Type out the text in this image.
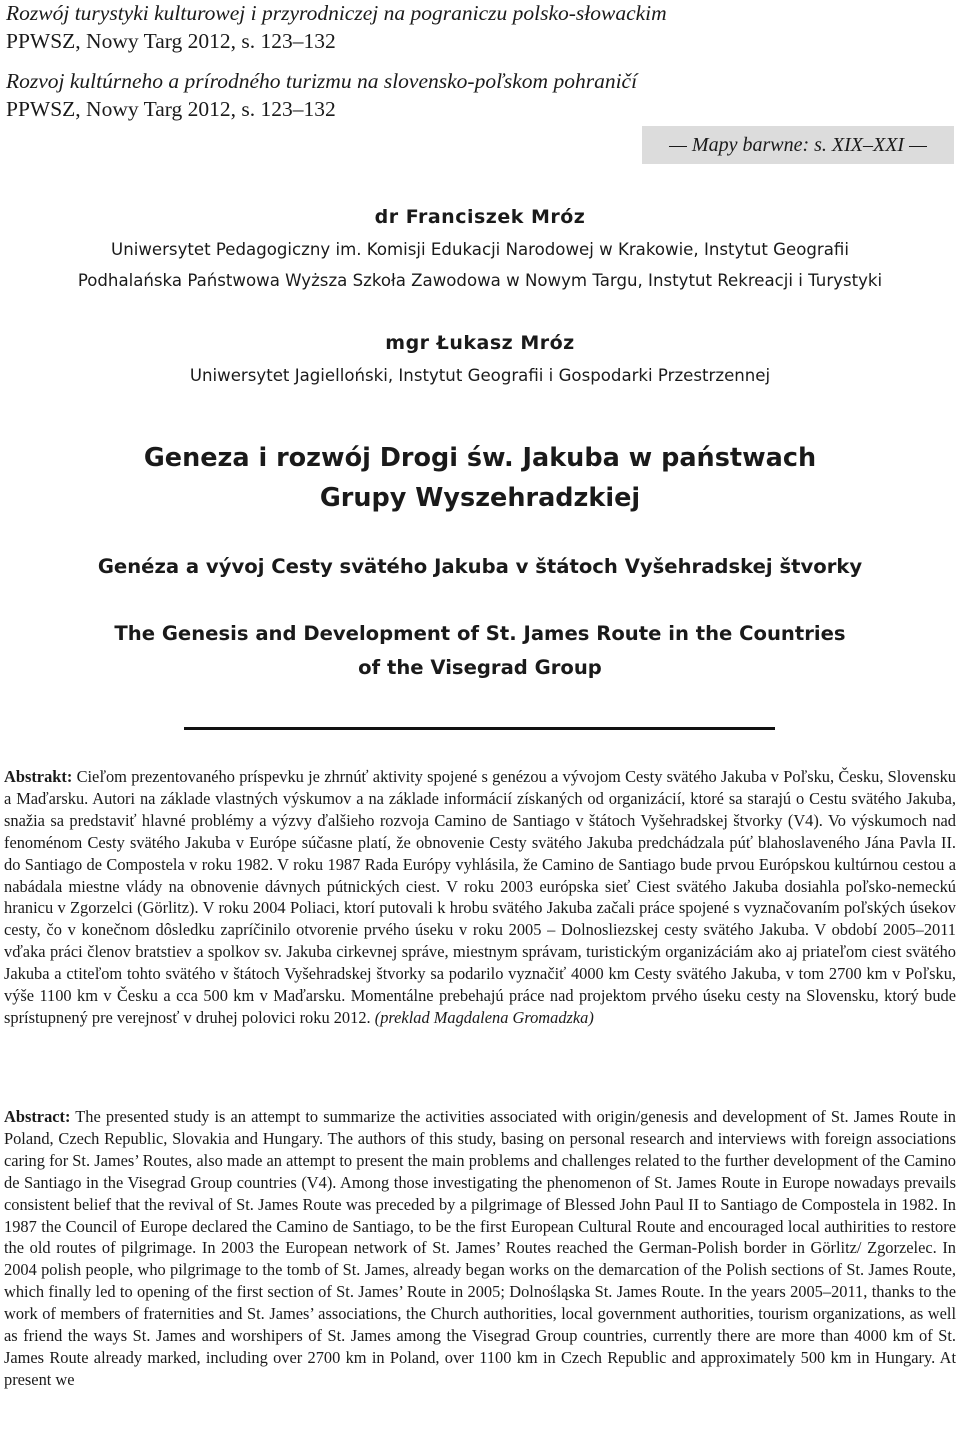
Rozwój turystyki kulturowej i przyrodniczej na pograniczu polsko-słowackim
PPWSZ, Nowy Targ 2012, s. 123–132
Rozvoj kultúrneho a prírodného turizmu na slovensko-poľskom pohraničí
PPWSZ, Nowy Targ 2012, s. 123–132
— Mapy barwne: s. XIX–XXI —
dr Franciszek Mróz
Uniwersytet Pedagogiczny im. Komisji Edukacji Narodowej w Krakowie, Instytut Geografii
Podhalańska Państwowa Wyższa Szkoła Zawodowa w Nowym Targu, Instytut Rekreacji i Turystyki
mgr Łukasz Mróz
Uniwersytet Jagielloński, Instytut Geografii i Gospodarki Przestrzennej
Geneza i rozwój Drogi św. Jakuba w państwach
Grupy Wyszehradzkiej
Genéza a vývoj Cesty svätého Jakuba v štátoch Vyšehradskej štvorky
The Genesis and Development of St. James Route in the Countries
of the Visegrad Group
Abstrakt: Cieľom prezentovaného príspevku je zhrnúť aktivity spojené s genézou a vývojom Cesty svätého Jakuba v Poľsku, Česku, Slovensku a Maďarsku. Autori na základe vlastných výskumov a na základe informácií získaných od organizácií, ktoré sa starajú o Cestu svätého Jakuba, snažia sa predstaviť hlavné problémy a výzvy ďalšieho rozvoja Camino de Santiago v štátoch Vyšehradskej štvorky (V4). Vo výskumoch nad fenoménom Cesty svätého Jakuba v Európe súčasne platí, že obnovenie Cesty svätého Jakuba predchádzala púť blahoslaveného Jána Pavla II. do Santiago de Compostela v roku 1982. V roku 1987 Rada Európy vyhlásila, že Camino de Santiago bude prvou Európskou kultúrnou cestou a nabádala miestne vlády na obnovenie dávnych pútnických ciest. V roku 2003 európska sieť Ciest svätého Jakuba dosiahla poľsko-nemeckú hranicu v Zgorzelci (Görlitz). V roku 2004 Poliaci, ktorí putovali k hrobu svätého Jakuba začali práce spojené s vyznačovaním poľských úsekov cesty, čo v konečnom dôsledku zapríčinilo otvorenie prvého úseku v roku 2005 – Dolnosliezskej cesty svätého Jakuba. V období 2005–2011 vďaka práci členov bratstiev a spolkov sv. Jakuba cirkevnej správe, miestnym správam, turistickým organizáciám ako aj priateľom ciest svätého Jakuba a ctiteľom tohto svätého v štátoch Vyšehradskej štvorky sa podarilo vyznačiť 4000 km Cesty svätého Jakuba, v tom 2700 km v Poľsku, výše 1100 km v Česku a cca 500 km v Maďarsku. Momentálne prebehajú práce nad projektom prvého úseku cesty na Slovensku, ktorý bude sprístupnený pre verejnosť v druhej polovici roku 2012. (preklad Magdalena Gromadzka)
Abstract: The presented study is an attempt to summarize the activities associated with origin/genesis and development of St. James Route in Poland, Czech Republic, Slovakia and Hungary. The authors of this study, basing on personal research and interviews with foreign associations caring for St. James’ Routes, also made an attempt to present the main problems and challenges related to the further development of the Camino de Santiago in the Visegrad Group countries (V4). Among those investigating the phenomenon of St. James Route in Europe nowadays prevails consistent belief that the revival of St. James Route was preceded by a pilgrimage of Blessed John Paul II to Santiago de Compostela in 1982. In 1987 the Council of Europe declared the Camino de Santiago, to be the first European Cultural Route and encouraged local authirities to restore the old routes of pilgrimage. In 2003 the European network of St. James’ Routes reached the German-Polish border in Görlitz/ Zgorzelec. In 2004 polish people, who pilgrimage to the tomb of St. James, already began works on the demarcation of the Polish sections of St. James Route, which finally led to opening of the first section of St. James’ Route in 2005; Dolnośląska St. James Route. In the years 2005–2011, thanks to the work of members of fraternities and St. James’ associations, the Church authorities, local government authorities, tourism organizations, as well as friend the ways St. James and worshipers of St. James among the Visegrad Group countries, currently there are more than 4000 km of St. James Route already marked, including over 2700 km in Poland, over 1100 km in Czech Republic and approximately 500 km in Hungary. At present we
